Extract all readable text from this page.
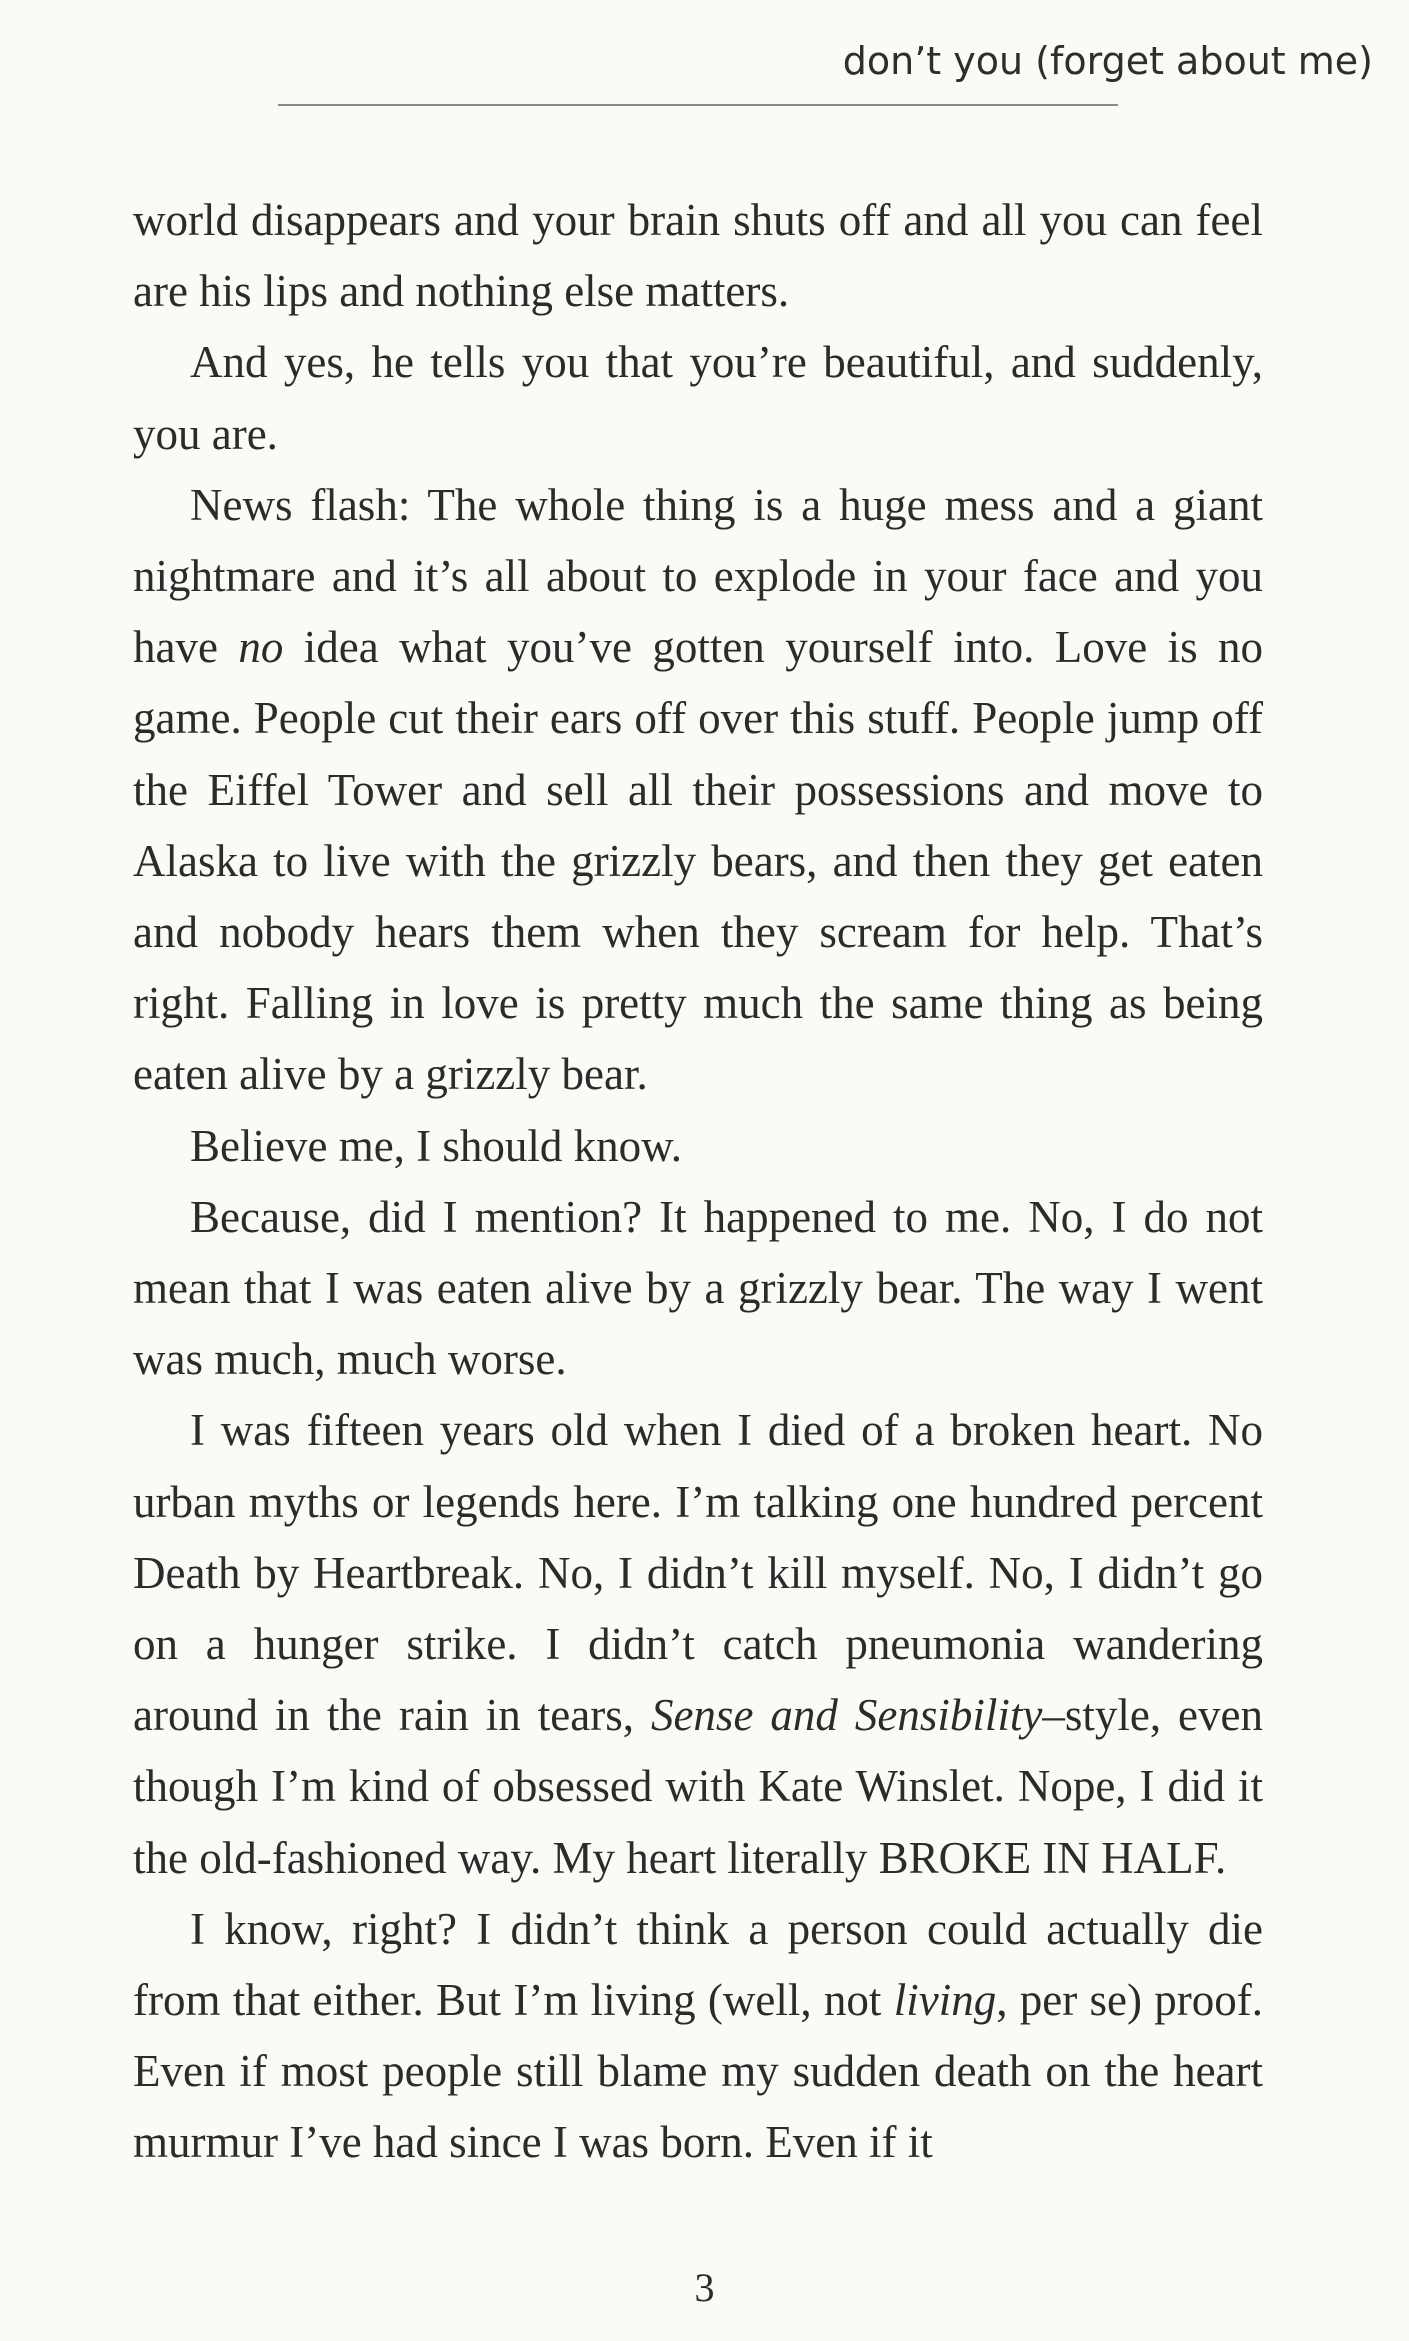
don’t you (forget about me)

world disappears and your brain shuts off and all you can feel are his lips and nothing else matters.

And yes, he tells you that you’re beautiful, and suddenly, you are.

News flash: The whole thing is a huge mess and a giant nightmare and it’s all about to explode in your face and you have no idea what you’ve gotten yourself into. Love is no game. People cut their ears off over this stuff. People jump off the Eiffel Tower and sell all their possessions and move to Alaska to live with the grizzly bears, and then they get eaten and nobody hears them when they scream for help. That’s right. Falling in love is pretty much the same thing as being eaten alive by a grizzly bear.

Believe me, I should know.

Because, did I mention? It happened to me. No, I do not mean that I was eaten alive by a grizzly bear. The way I went was much, much worse.

I was fifteen years old when I died of a broken heart. No urban myths or legends here. I’m talking one hundred percent Death by Heartbreak. No, I didn’t kill myself. No, I didn’t go on a hunger strike. I didn’t catch pneumonia wandering around in the rain in tears, Sense and Sensibility–style, even though I’m kind of obsessed with Kate Winslet. Nope, I did it the old-fashioned way. My heart literally BROKE IN HALF.

I know, right? I didn’t think a person could actually die from that either. But I’m living (well, not living, per se) proof. Even if most people still blame my sudden death on the heart murmur I’ve had since I was born. Even if it

3
